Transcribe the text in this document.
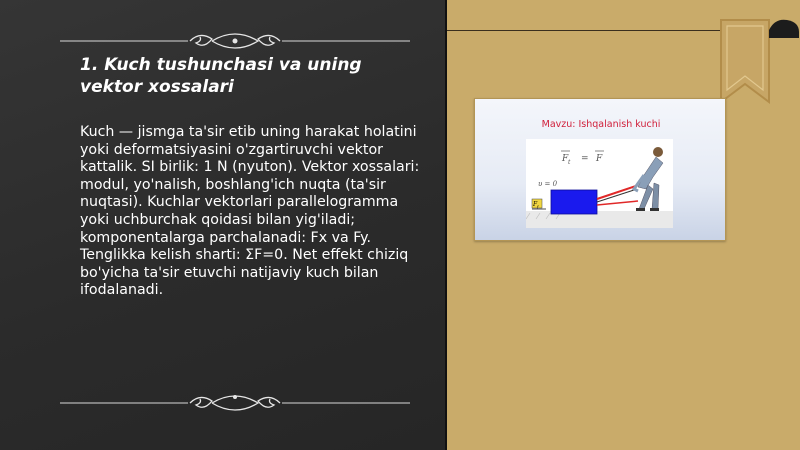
1. Kuch tushunchasi va uning vektor xossalari
Kuch — jismga ta'sir etib uning harakat holatini yoki deformatsiyasini o'zgartiruvchi vektor kattalik. SI birlik: 1 N (nyuton). Vektor xossalari: modul, yo'nalish, boshlang'ich nuqta (ta'sir nuqtasi). Kuchlar vektorlari parallelogramma yoki uchburchak qoidasi bilan yig'iladi; komponentalarga parchalanadi: Fx va Fy. Tenglikka kelish sharti: ΣF=0. Net effekt chiziq bo'yicha ta'sir etuvchi natijaviy kuch bilan ifodalanadi.
Mavzu: Ishqalanish kuchi
F t = F
υ = 0
F f
